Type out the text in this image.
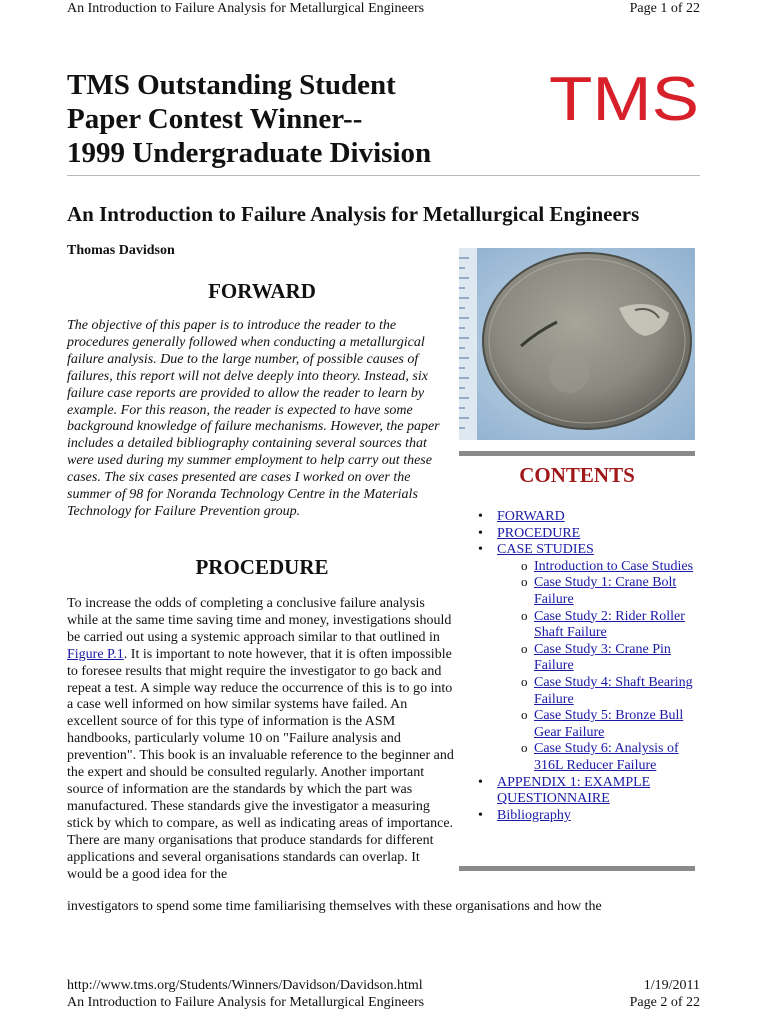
An Introduction to Failure Analysis for Metallurgical Engineers	Page 1 of 22
TMS Outstanding Student
Paper Contest Winner--
1999 Undergraduate Division
TMS
An Introduction to Failure Analysis for Metallurgical Engineers
Thomas Davidson
FORWARD
The objective of this paper is to introduce the reader to the procedures generally followed when conducting a metallurgical failure analysis. Due to the large number, of possible causes of failures, this report will not delve deeply into theory. Instead, six failure case reports are provided to allow the reader to learn by example. For this reason, the reader is expected to have some background knowledge of failure mechanisms. However, the paper includes a detailed bibliography containing several sources that were used during my summer employment to help carry out these cases. The six cases presented are cases I worked on over the summer of 98 for Noranda Technology Centre in the Materials Technology for Failure Prevention group.
PROCEDURE
To increase the odds of completing a conclusive failure analysis while at the same time saving time and money, investigations should be carried out using a systemic approach similar to that outlined in Figure P.1. It is important to note however, that it is often impossible to foresee results that might require the investigator to go back and repeat a test. A simple way reduce the occurrence of this is to go into a case well informed on how similar systems have failed. An excellent source of for this type of information is the ASM handbooks, particularly volume 10 on "Failure analysis and prevention". This book is an invaluable reference to the beginner and the expert and should be consulted regularly. Another important source of information are the standards by which the part was manufactured. These standards give the investigator a measuring stick by which to compare, as well as indicating areas of importance. There are many organisations that produce standards for different applications and several organisations standards can overlap. It would be a good idea for the
investigators to spend some time familiarising themselves with these organisations and how the
CONTENTS
• FORWARD
• PROCEDURE
• CASE STUDIES
o Introduction to Case Studies
o Case Study 1: Crane Bolt Failure
o Case Study 2: Rider Roller Shaft Failure
o Case Study 3: Crane Pin Failure
o Case Study 4: Shaft Bearing Failure
o Case Study 5: Bronze Bull Gear Failure
o Case Study 6: Analysis of 316L Reducer Failure
• APPENDIX 1: EXAMPLE QUESTIONNAIRE
• Bibliography
http://www.tms.org/Students/Winners/Davidson/Davidson.html	1/19/2011
An Introduction to Failure Analysis for Metallurgical Engineers	Page 2 of 22
